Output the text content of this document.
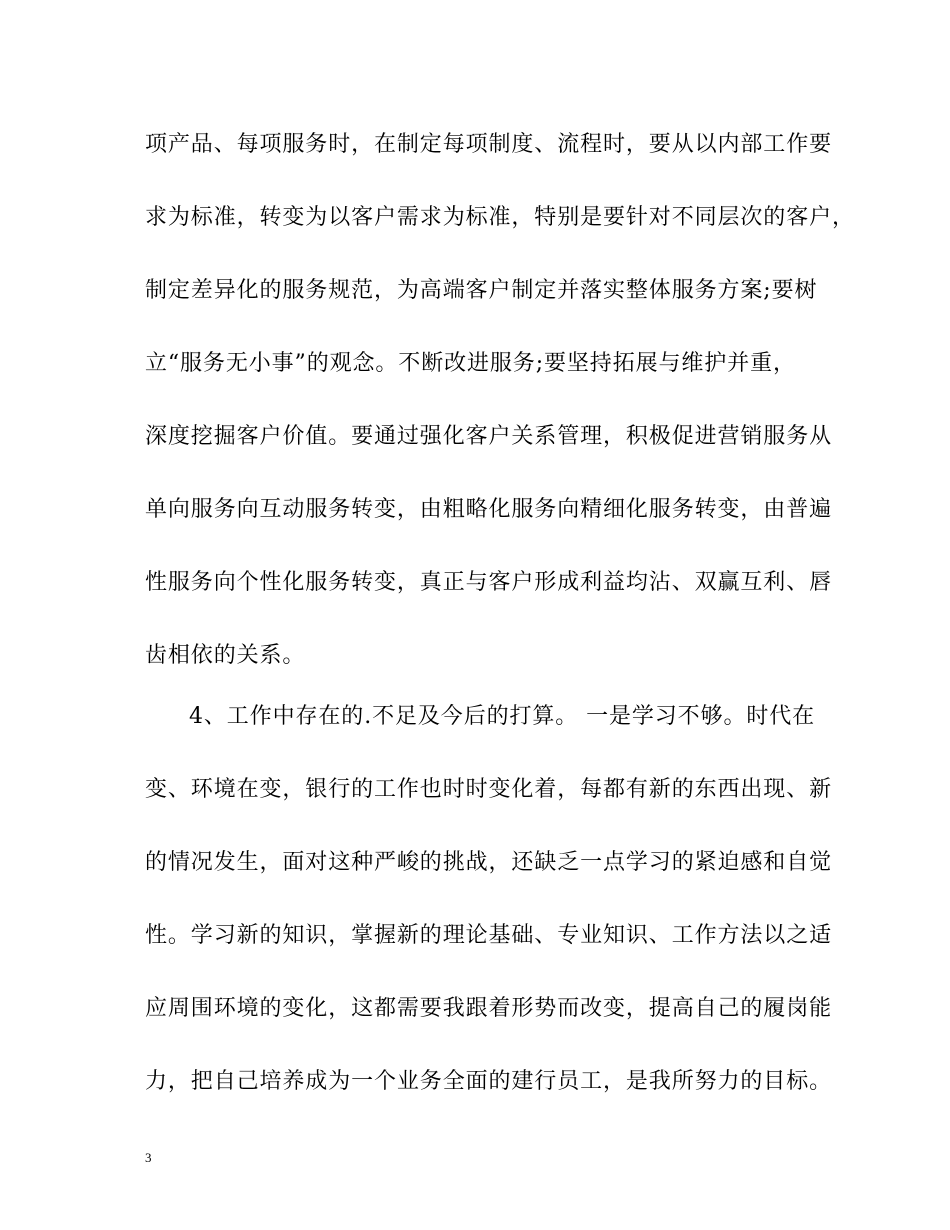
项产品、每项服务时，在制定每项制度、流程时，要从以内部工作要
求为标准，转变为以客户需求为标准，特别是要针对不同层次的客户，
制定差异化的服务规范，为高端客户制定并落实整体服务方案;要树
立“服务无小事”的观念。不断改进服务;要坚持拓展与维护并重，
深度挖掘客户价值。要通过强化客户关系管理，积极促进营销服务从
单向服务向互动服务转变，由粗略化服务向精细化服务转变，由普遍
性服务向个性化服务转变，真正与客户形成利益均沾、双赢互利、唇
齿相依的关系。
4、工作中存在的.不足及今后的打算。 一是学习不够。时代在
变、环境在变，银行的工作也时时变化着，每都有新的东西出现、新
的情况发生，面对这种严峻的挑战，还缺乏一点学习的紧迫感和自觉
性。学习新的知识，掌握新的理论基础、专业知识、工作方法以之适
应周围环境的变化，这都需要我跟着形势而改变，提高自己的履岗能
力，把自己培养成为一个业务全面的建行员工，是我所努力的目标。
3
